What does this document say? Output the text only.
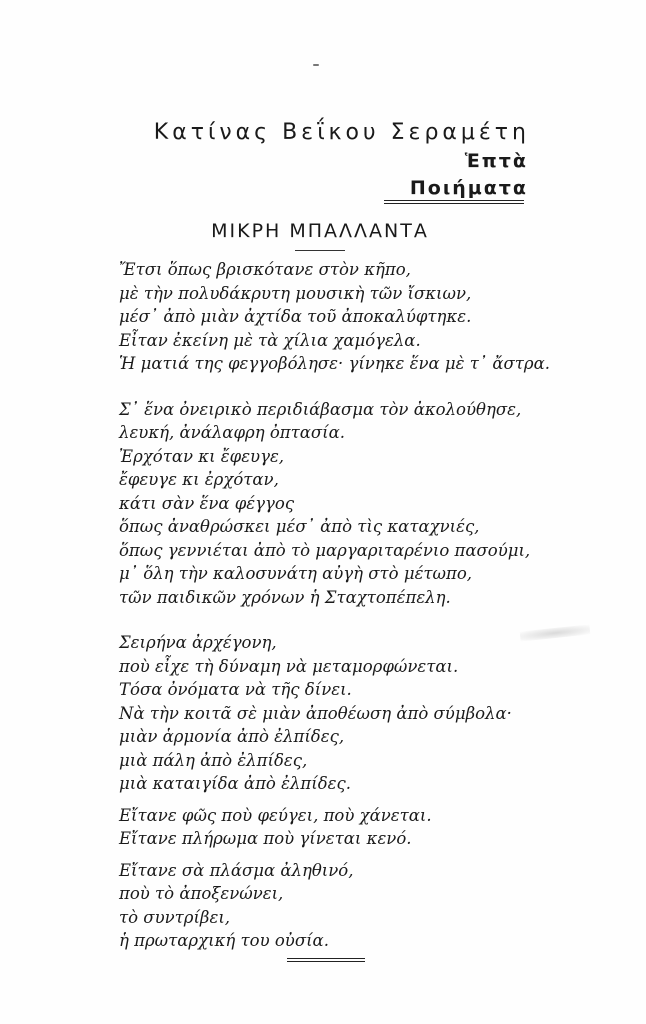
Κατίνας Βεΐκου Σεραμέτη
Ἑπτὰ
Ποιήματα
ΜΙΚΡΗ ΜΠΑΛΛΑΝΤΑ
Ἔτσι ὅπως βρισκότανε στὸν κῆπο,
μὲ τὴν πολυδάκρυτη μουσικὴ τῶν ἴσκιων,
μέσ᾽ ἀπὸ μιὰν ἀχτίδα τοῦ ἀποκαλύφτηκε.
Εἶταν ἐκείνη μὲ τὰ χίλια χαμόγελα.
Ἡ ματιά της φεγγοβόλησε· γίνηκε ἕνα μὲ τ᾽ ἄστρα.
Σ᾽ ἕνα ὀνειρικὸ περιδιάβασμα τὸν ἀκολούθησε,
λευκή, ἀνάλαφρη ὀπτασία.
Ἐρχόταν κι ἔφευγε,
ἔφευγε κι ἐρχόταν,
κάτι σὰν ἕνα φέγγος
ὅπως ἀναθρώσκει μέσ᾽ ἀπὸ τὶς καταχνιές,
ὅπως γεννιέται ἀπὸ τὸ μαργαριταρένιο πασούμι,
μ᾽ ὅλη τὴν καλοσυνάτη αὐγὴ στὸ μέτωπο,
τῶν παιδικῶν χρόνων ἡ Σταχτοπέπελη.
Σειρήνα ἀρχέγονη,
ποὺ εἶχε τὴ δύναμη νὰ μεταμορφώνεται.
Τόσα ὀνόματα νὰ τῆς δίνει.
Νὰ τὴν κοιτᾶ σὲ μιὰν ἀποθέωση ἀπὸ σύμβολα·
μιὰν ἁρμονία ἀπὸ ἐλπίδες,
μιὰ πάλη ἀπὸ ἐλπίδες,
μιὰ καταιγίδα ἀπὸ ἐλπίδες.
Εἴτανε φῶς ποὺ φεύγει, ποὺ χάνεται.
Εἴτανε πλήρωμα ποὺ γίνεται κενό.
Εἴτανε σὰ πλάσμα ἀληθινό,
ποὺ τὸ ἀποξενώνει,
τὸ συντρίβει,
ἡ πρωταρχική του οὐσία.
